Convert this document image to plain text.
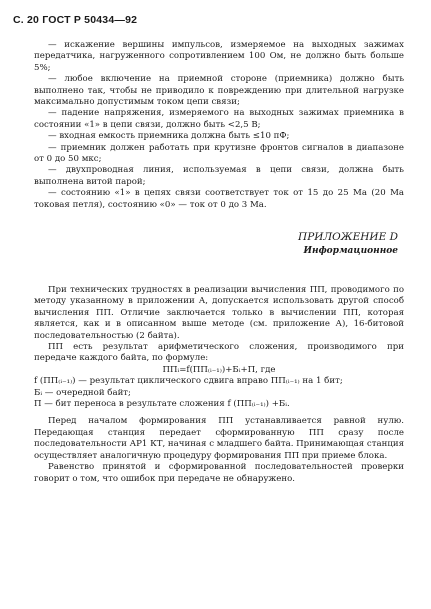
С. 20 ГОСТ Р 50434—92

— искажение вершины импульсов, измеряемое на выходных зажимах передатчика, нагруженного сопротивлением 100 Ом, не должно быть больше 5%;

— любое включение на приемной стороне (приемника) должно быть выполнено так, чтобы не приводило к повреждению при длительной нагрузке максимально допустимым током цепи связи;

— падение напряжения, измеряемого на выходных зажимах приемника в состоянии «1» в цепи связи, должно быть <2,5 В;

— входная емкость приемника должна быть ≤10 пФ;

— приемник должен работать при крутизне фронтов сигналов в диапазоне от 0 до 50 мкс;

— двухпроводная линия, используемая в цепи связи, должна быть выполнена витой парой;

— состоянию «1» в цепях связи соответствует ток от 15 до 25 Ма (20 Ма токовая петля), состоянию «0» — ток от 0 до 3 Ма.

ПРИЛОЖЕНИЕ D
Информационное

При технических трудностях в реализации вычисления ПП, проводимого по методу указанному в приложении А, допускается использовать другой способ вычисления ПП. Отличие заключается только в вычислении ПП, которая является, как и в описанном выше методе (см. приложение А), 16-битовой последовательностью (2 байта).

ПП есть результат арифметического сложения, производимого при передаче каждого байта, по формуле:

ППᵢ=f(ПП₍ᵢ₋₁₎)+Бᵢ+П, где

f (ПП₍ᵢ₋₁₎) — результат циклического сдвига вправо ПП₍ᵢ₋₁₎ на 1 бит;

Бᵢ — очередной байт;

П — бит переноса в результате сложения f (ПП₍ᵢ₋₁₎) +Бᵢ.

Перед началом формирования ПП устанавливается равной нулю. Передающая станция передает сформированную ПП сразу после последовательности АР1 КТ, начиная с младшего байта. Принимающая станция осуществляет аналогичную процедуру формирования ПП при приеме блока.

Равенство принятой и сформированной последовательностей проверки говорит о том, что ошибок при передаче не обнаружено.
